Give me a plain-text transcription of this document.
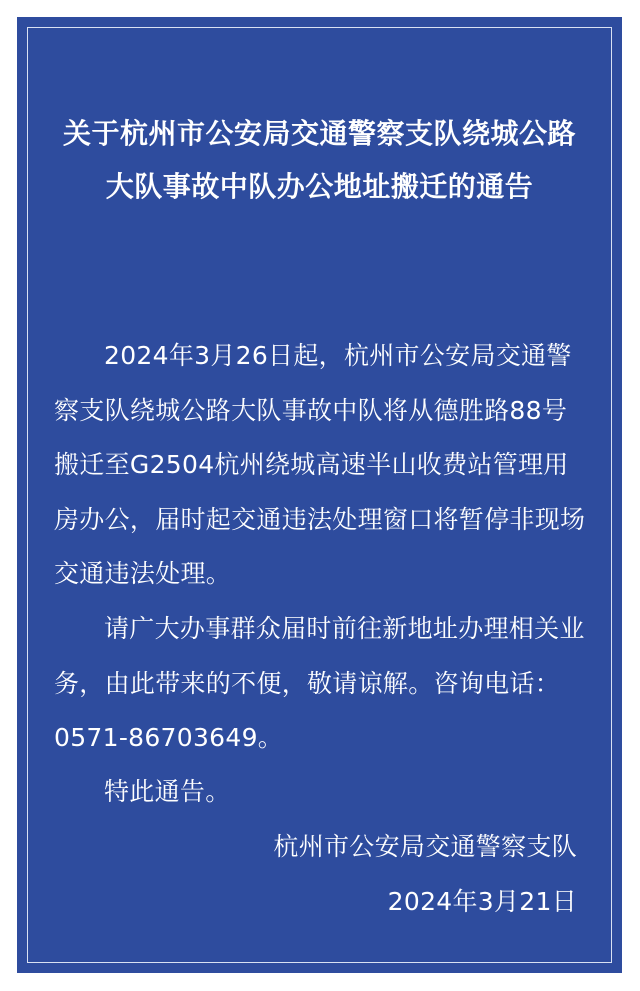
关于杭州市公安局交通警察支队绕城公路
大队事故中队办公地址搬迁的通告

2024年3月26日起，杭州市公安局交通警察支队绕城公路大队事故中队将从德胜路88号搬迁至G2504杭州绕城高速半山收费站管理用房办公，届时起交通违法处理窗口将暂停非现场交通违法处理。

请广大办事群众届时前往新地址办理相关业务，由此带来的不便，敬请谅解。咨询电话：0571-86703649。

特此通告。

杭州市公安局交通警察支队
2024年3月21日
